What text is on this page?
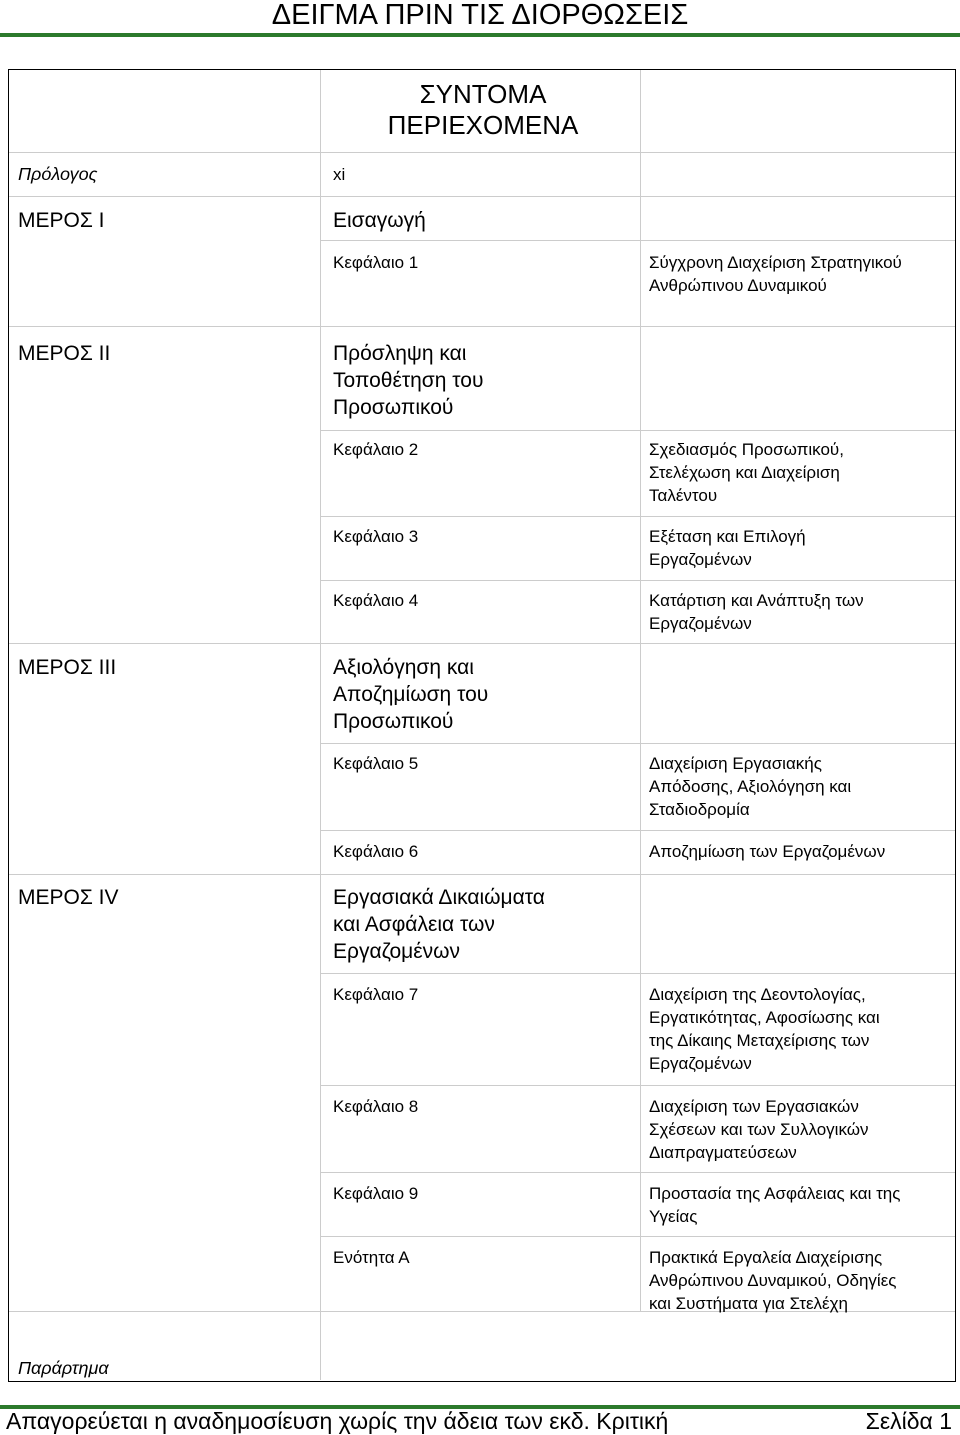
ΔΕΙΓΜΑ ΠΡΙΝ ΤΙΣ ΔΙΟΡΘΩΣΕΙΣ
ΣΥΝΤΟΜΑ
ΠΕΡΙΕΧΟΜΕΝΑ
Πρόλογος	xi
ΜΕΡΟΣ Ι	Εισαγωγή
Κεφάλαιο 1	Σύγχρονη Διαχείριση Στρατηγικού
Ανθρώπινου Δυναμικού
ΜΕΡΟΣ ΙΙ	Πρόσληψη και
Τοποθέτηση του
Προσωπικού
Κεφάλαιο 2	Σχεδιασμός Προσωπικού,
Στελέχωση και Διαχείριση
Ταλέντου
Κεφάλαιο 3	Εξέταση και Επιλογή
Εργαζομένων
Κεφάλαιο 4	Κατάρτιση και Ανάπτυξη των
Εργαζομένων
ΜΕΡΟΣ ΙΙΙ	Αξιολόγηση και
Αποζημίωση του
Προσωπικού
Κεφάλαιο 5	Διαχείριση Εργασιακής
Απόδοσης, Αξιολόγηση και
Σταδιοδρομία
Κεφάλαιο 6	Αποζημίωση των Εργαζομένων
ΜΕΡΟΣ IV	Εργασιακά Δικαιώματα
και Ασφάλεια των
Εργαζομένων
Κεφάλαιο 7	Διαχείριση της Δεοντολογίας,
Εργατικότητας, Αφοσίωσης και
της Δίκαιης Μεταχείρισης των
Εργαζομένων
Κεφάλαιο 8	Διαχείριση των Εργασιακών
Σχέσεων και των Συλλογικών
Διαπραγματεύσεων
Κεφάλαιο 9	Προστασία της Ασφάλειας και της
Υγείας
Ενότητα Α	Πρακτικά Εργαλεία Διαχείρισης
Ανθρώπινου Δυναμικού, Οδηγίες
και Συστήματα για Στελέχη
Παράρτημα
Απαγορεύεται η αναδημοσίευση χωρίς την άδεια των εκδ. Κριτική	Σελίδα 1
